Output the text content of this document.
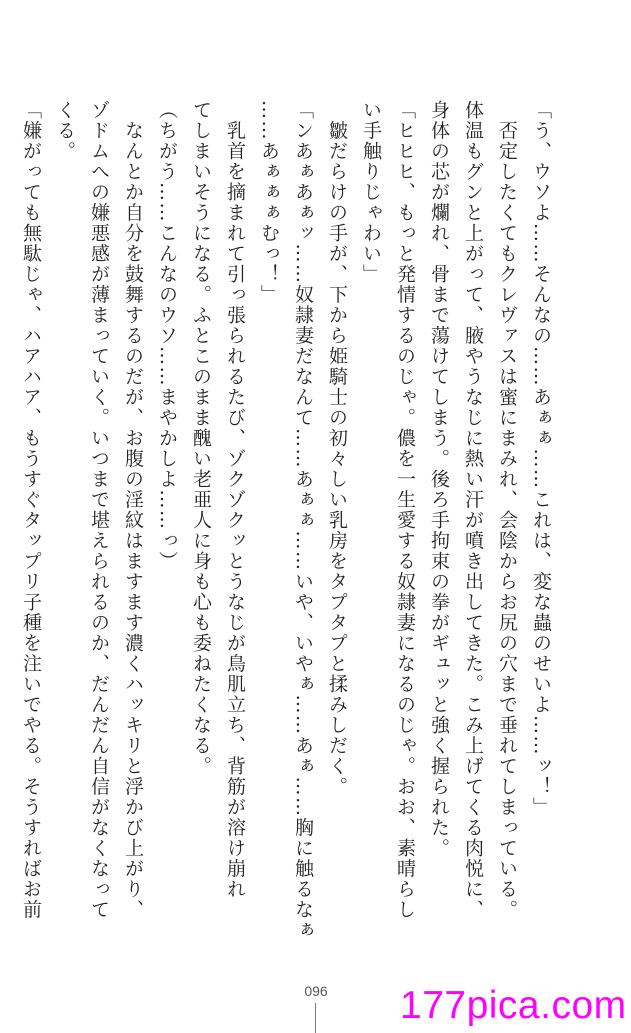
「う、ウソよ……そんなの……あぁぁ……これは、変な蟲のせいよ……ッ！」

　否定したくてもクレヴァスは蜜にまみれ、会陰からお尻の穴まで垂れてしまっている。

体温もグンと上がって、腋やうなじに熱い汗が噴き出してきた。こみ上げてくる肉悦に、

身体の芯が爛れ、骨まで蕩けてしまう。後ろ手拘束の拳がギュッと強く握られた。

「ヒヒヒ、もっと発情するのじゃ。儂を一生愛する奴隷妻になるのじゃ。おお、素晴らし

い手触りじゃわい」

　皺だらけの手が、下から姫騎士の初々しい乳房をタプタプと揉みしだく。

「ンあぁあぁッ……奴隷妻だなんて……あぁぁ……いや、いやぁ……あぁ……胸に触るなぁ

……あぁぁぁむっ！」

　乳首を摘まれて引っ張られるたび、ゾクゾクッとうなじが鳥肌立ち、背筋が溶け崩れ

てしまいそうになる。ふとこのまま醜い老亜人に身も心も委ねたくなる。

（ちがう……こんなのウソ……まやかしよ……っ）

　なんとか自分を鼓舞するのだが、お腹の淫紋はますます濃くハッキリと浮かび上がり、

ゾドムへの嫌悪感が薄まっていく。いつまで堪えられるのか、だんだん自信がなくなって

くる。

「嫌がっても無駄じゃ、ハアハア、もうすぐタップリ子種を注いでやる。そうすればお前

096 177pica.com
